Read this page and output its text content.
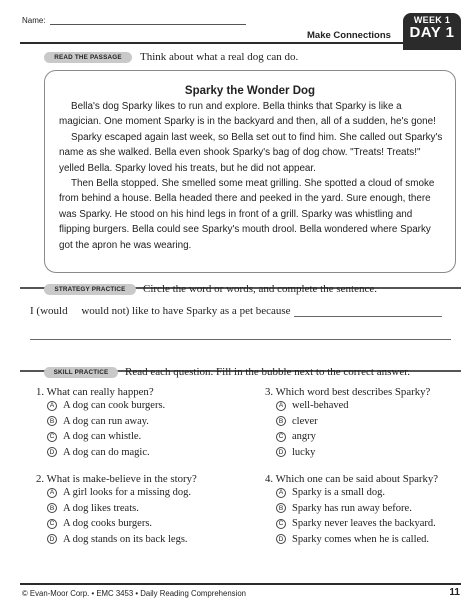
Name:
Make Connections
WEEK 1
DAY 1
READ THE PASSAGE	Think about what a real dog can do.
Sparky the Wonder Dog

Bella's dog Sparky likes to run and explore. Bella thinks that Sparky is like a magician. One moment Sparky is in the backyard and then, all of a sudden, he's gone!

Sparky escaped again last week, so Bella set out to find him. She called out Sparky's name as she walked. Bella even shook Sparky's bag of dog chow. "Treats! Treats!" yelled Bella. Sparky loved his treats, but he did not appear.

Then Bella stopped. She smelled some meat grilling. She spotted a cloud of smoke from behind a house. Bella headed there and peeked in the yard. Sure enough, there was Sparky. He stood on his hind legs in front of a grill. Sparky was whistling and flipping burgers. Bella could see Sparky's mouth drool. Bella wondered where Sparky got the apron he was wearing.

STRATEGY PRACTICE	Circle the word or words, and complete the sentence.
I (would     would not) like to have Sparky as a pet because
SKILL PRACTICE	Read each question. Fill in the bubble next to the correct answer.
1. What can really happen?
A A dog can cook burgers.
B A dog can run away.
C A dog can whistle.
D A dog can do magic.
2. What is make-believe in the story?
A A girl looks for a missing dog.
B A dog likes treats.
C A dog cooks burgers.
D A dog stands on its back legs.
3. Which word best describes Sparky?
A well-behaved
B clever
C angry
D lucky
4. Which one can be said about Sparky?
A Sparky is a small dog.
B Sparky has run away before.
C Sparky never leaves the backyard.
D Sparky comes when he is called.
© Evan-Moor Corp. • EMC 3453 • Daily Reading Comprehension	11
